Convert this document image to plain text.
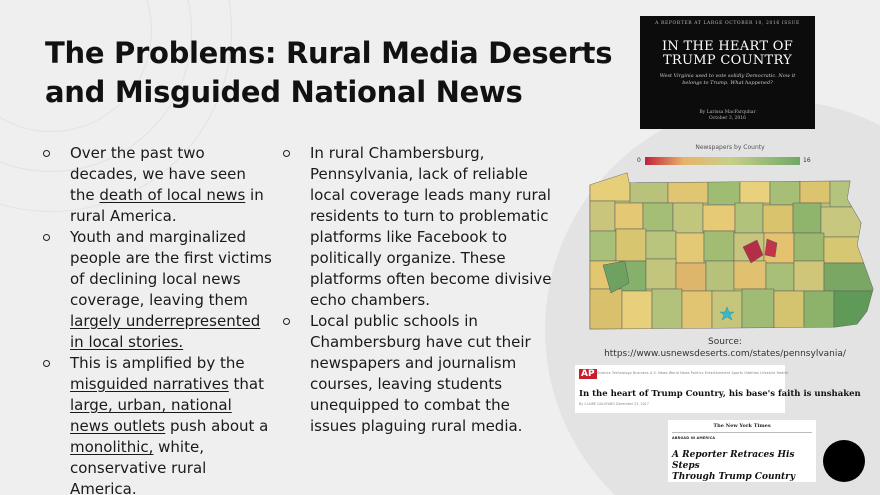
The Problems: Rural Media Deserts
and Misguided National News
Over the past two decades, we have seen the death of local news in rural America.
Youth and marginalized people are the first victims of declining local news coverage, leaving them largely underrepresented in local stories.
This is amplified by the misguided narratives that large, urban, national news outlets push about a monolithic, white, conservative rural America.
In rural Chambersburg, Pennsylvania, lack of reliable local coverage leads many rural residents to turn to problematic platforms like Facebook to politically organize. These platforms often become divisive echo chambers.
Local public schools in Chambersburg have cut their newspapers and journalism courses, leaving students unequipped to combat the issues plaguing rural media.
A REPORTER AT LARGE OCTOBER 10, 2016 ISSUE
IN THE HEART OF
TRUMP COUNTRY
West Virginia used to vote solidly Democratic. Now it belongs to Trump. What happened?
By Larissa MacFarquhar
October 3, 2016
Newspapers by County
0	16
Source:
https://www.usnewsdeserts.com/states/pennsylvania/
AP Science Technology Business U.S. News World News Politics Entertainment Sports Oddities Lifestyle Health
In the heart of Trump Country, his base's faith is unshaken
By CLAIRE GALOFARO December 23, 2017
The New York Times
ABROAD IN AMERICA
A Reporter Retraces His Steps
Through Trump Country
